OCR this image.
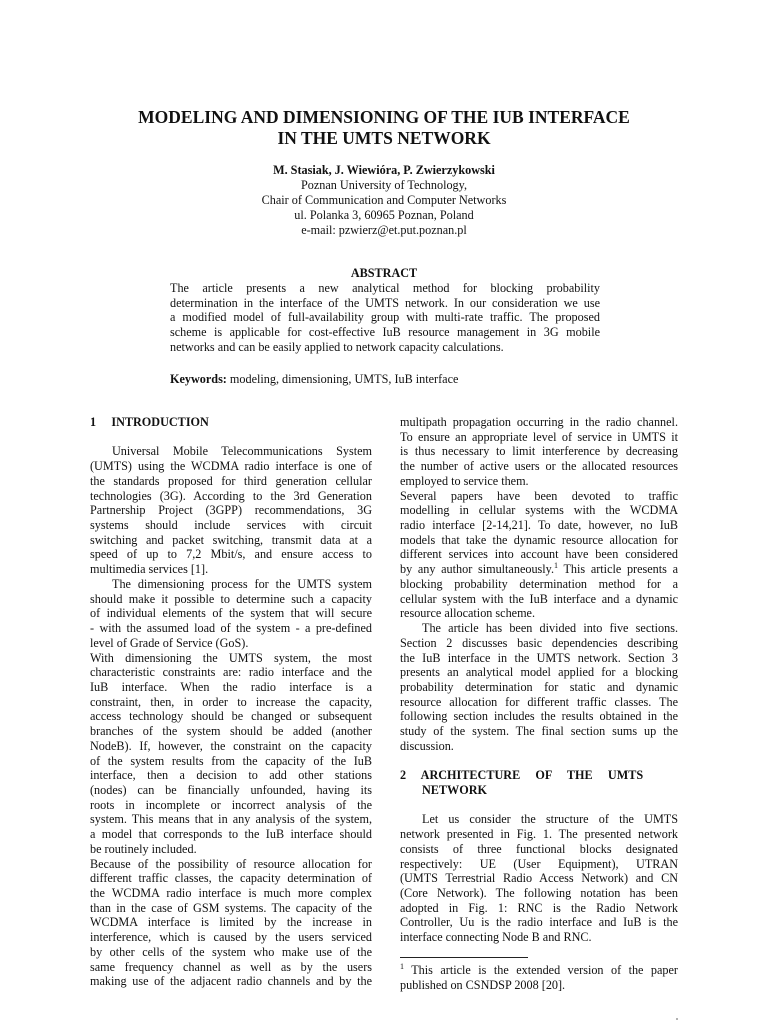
MODELING AND DIMENSIONING OF THE IUB INTERFACE
IN THE UMTS NETWORK
M. Stasiak, J. Wiewióra, P. Zwierzykowski
Poznan University of Technology,
Chair of Communication and Computer Networks
ul. Polanka 3, 60965 Poznan, Poland
e-mail: pzwierz@et.put.poznan.pl
ABSTRACT
The article presents a new analytical method for blocking probability
determination in the interface of the UMTS network. In our consideration we use
a modified model of full-availability group with multi-rate traffic. The proposed
scheme is applicable for cost-effective IuB resource management in 3G mobile
networks and can be easily applied to network capacity calculations.
Keywords: modeling, dimensioning, UMTS, IuB interface
1     INTRODUCTION
Universal Mobile Telecommunications System
(UMTS) using the WCDMA radio interface is one of
the standards proposed for third generation cellular
technologies (3G). According to the 3rd Generation
Partnership Project (3GPP) recommendations, 3G
systems should include services with circuit
switching and packet switching, transmit data at a
speed of up to 7,2 Mbit/s, and ensure access to
multimedia services [1].
The dimensioning process for the UMTS system
should make it possible to determine such a capacity
of individual elements of the system that will secure
- with the assumed load of the system - a pre-defined
level of Grade of Service (GoS).
With dimensioning the UMTS system, the most
characteristic constraints are: radio interface and the
IuB interface. When the radio interface is a
constraint, then, in order to increase the capacity,
access technology should be changed or subsequent
branches of the system should be added (another
NodeB). If, however, the constraint on the capacity
of the system results from the capacity of the IuB
interface, then a decision to add other stations
(nodes) can be financially unfounded, having its
roots in incomplete or incorrect analysis of the
system. This means that in any analysis of the system,
a model that corresponds to the IuB interface should
be routinely included.
Because of the possibility of resource allocation for
different traffic classes, the capacity determination of
the WCDMA radio interface is much more complex
than in the case of GSM systems. The capacity of the
WCDMA interface is limited by the increase in
interference, which is caused by the users serviced
by other cells of the system who make use of the
same frequency channel as well as by the users
making use of the adjacent radio channels and by the
multipath propagation occurring in the radio channel.
To ensure an appropriate level of service in UMTS it
is thus necessary to limit interference by decreasing
the number of active users or the allocated resources
employed to service them.
Several papers have been devoted to traffic
modelling in cellular systems with the WCDMA
radio interface [2-14,21]. To date, however, no IuB
models that take the dynamic resource allocation for
different services into account have been considered
by any author simultaneously.$^1$ This article presents a
blocking probability determination method for a
cellular system with the IuB interface and a dynamic
resource allocation scheme.
The article has been divided into five sections.
Section 2 discusses basic dependencies describing
the IuB interface in the UMTS network. Section 3
presents an analytical model applied for a blocking
probability determination for static and dynamic
resource allocation for different traffic classes. The
following section includes the results obtained in the
study of the system. The final section sums up the
discussion.
2     ARCHITECTURE     OF     THE     UMTS
NETWORK
Let us consider the structure of the UMTS
network presented in Fig. 1. The presented network
consists of three functional blocks designated
respectively: UE (User Equipment), UTRAN
(UMTS Terrestrial Radio Access Network) and CN
(Core Network). The following notation has been
adopted in Fig. 1: RNC is the Radio Network
Controller, Uu is the radio interface and IuB is the
interface connecting Node B and RNC.
$^1$ This article is the extended version of the paper
published on CSNDSP 2008 [20].
